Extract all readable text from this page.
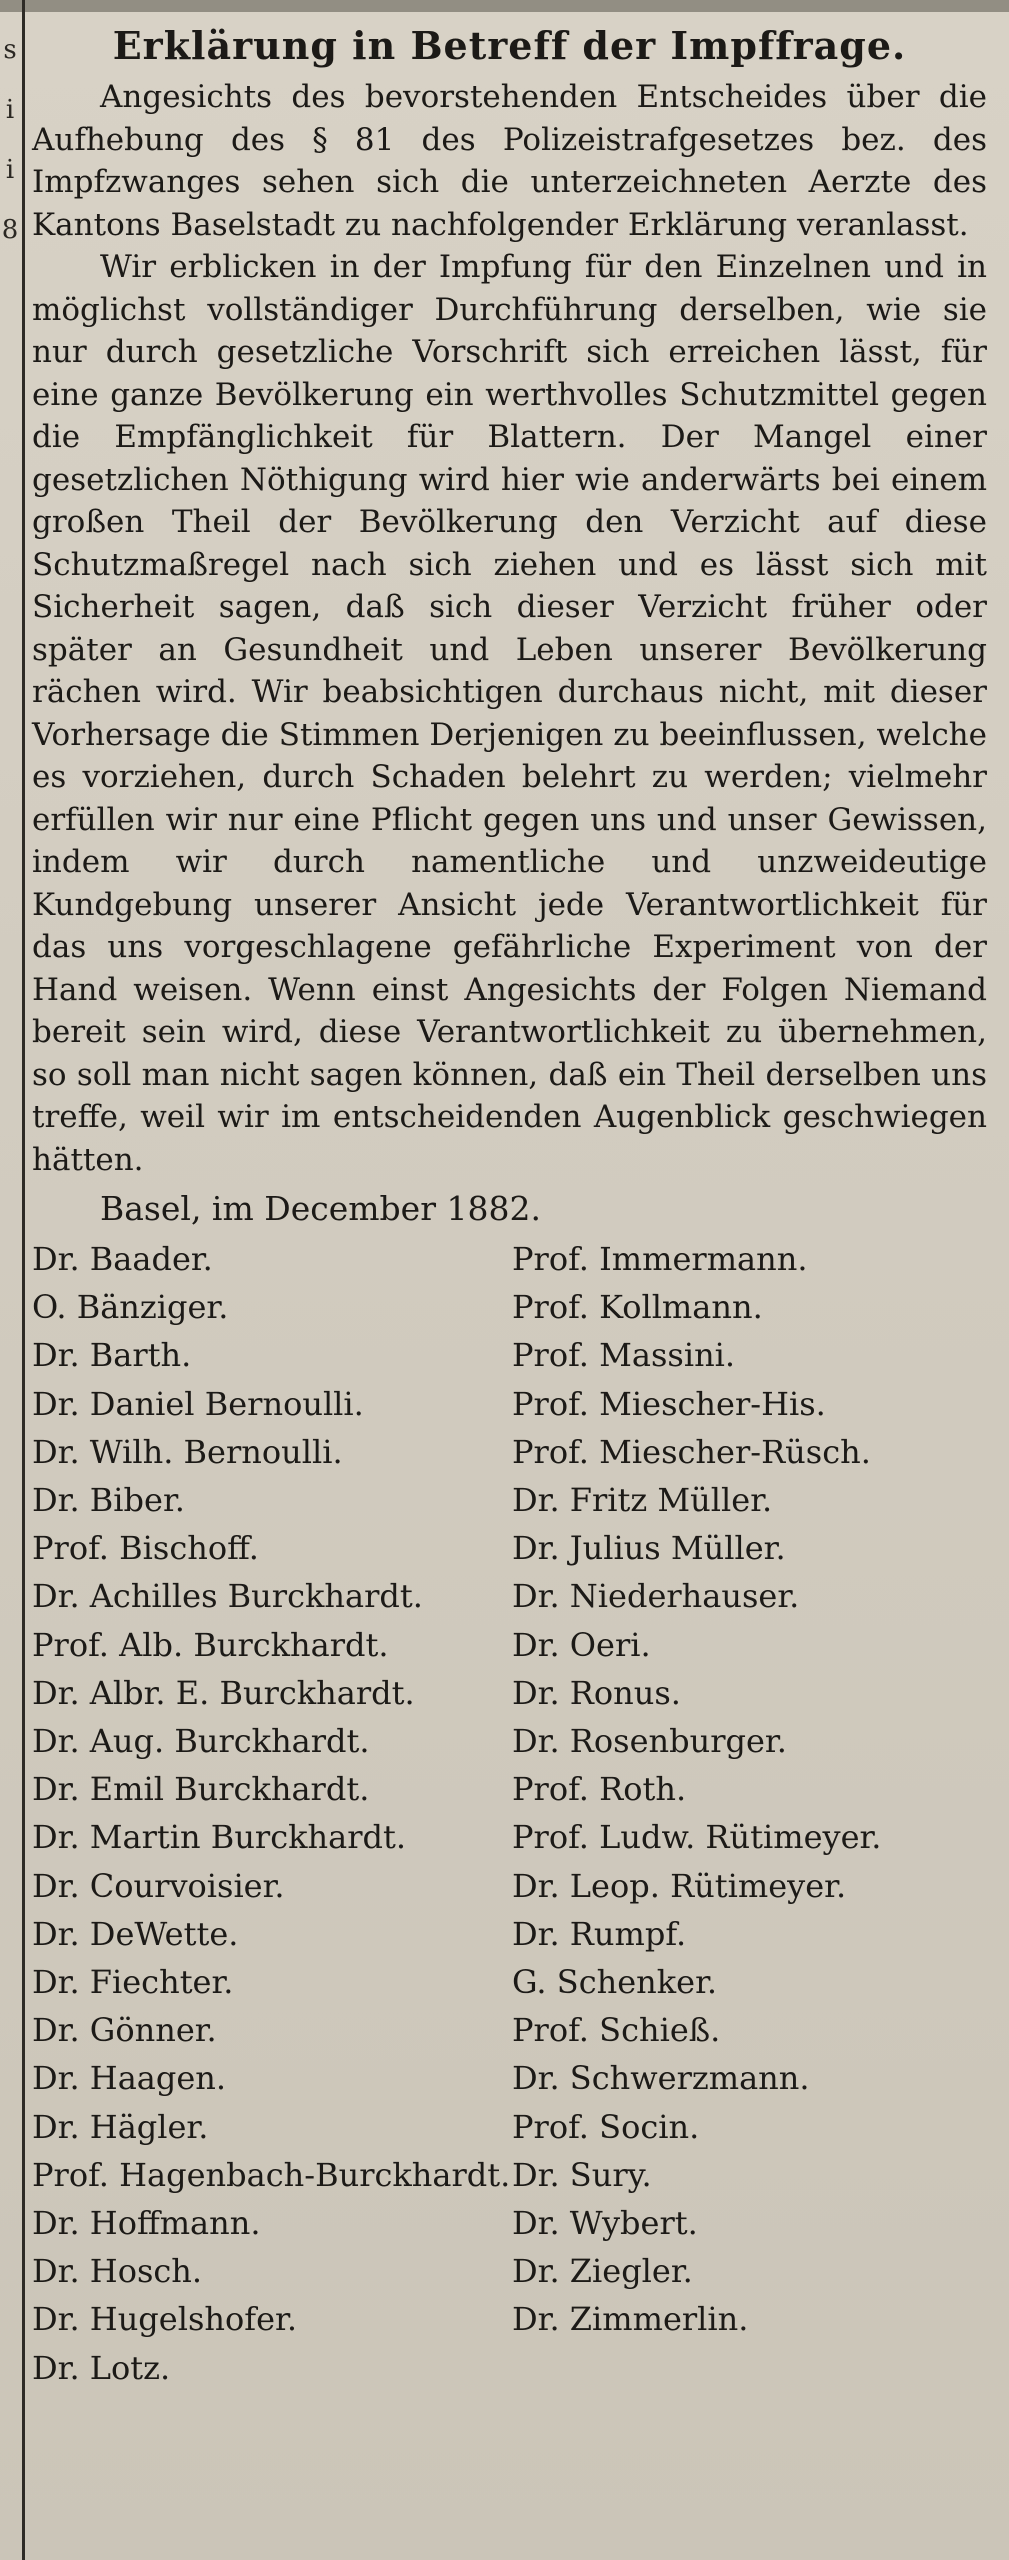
s
i
i
8
Erklärung in Betreff der Impffrage.

Angesichts des bevorstehenden Entscheides über die Aufhebung des § 81 des Polizeistrafgesetzes bez. des Impfzwanges sehen sich die unterzeichneten Aerzte des Kantons Baselstadt zu nachfolgender Erklärung veranlasst.

Wir erblicken in der Impfung für den Einzelnen und in möglichst vollständiger Durchführung derselben, wie sie nur durch gesetzliche Vorschrift sich erreichen lässt, für eine ganze Bevölkerung ein werthvolles Schutzmittel gegen die Empfänglichkeit für Blattern. Der Mangel einer gesetzlichen Nöthigung wird hier wie anderwärts bei einem großen Theil der Bevölkerung den Verzicht auf diese Schutzmaßregel nach sich ziehen und es lässt sich mit Sicherheit sagen, daß sich dieser Verzicht früher oder später an Gesundheit und Leben unserer Bevölkerung rächen wird. Wir beabsichtigen durchaus nicht, mit dieser Vorhersage die Stimmen Derjenigen zu beeinflussen, welche es vorziehen, durch Schaden belehrt zu werden; vielmehr erfüllen wir nur eine Pflicht gegen uns und unser Gewissen, indem wir durch namentliche und unzweideutige Kundgebung unserer Ansicht jede Verantwortlichkeit für das uns vorgeschlagene gefährliche Experiment von der Hand weisen. Wenn einst Angesichts der Folgen Niemand bereit sein wird, diese Verantwortlichkeit zu übernehmen, so soll man nicht sagen können, daß ein Theil derselben uns treffe, weil wir im entscheidenden Augenblick geschwiegen hätten.

Basel, im December 1882.
Dr. Baader.
O. Bänziger.
Dr. Barth.
Dr. Daniel Bernoulli.
Dr. Wilh. Bernoulli.
Dr. Biber.
Prof. Bischoff.
Dr. Achilles Burckhardt.
Prof. Alb. Burckhardt.
Dr. Albr. E. Burckhardt.
Dr. Aug. Burckhardt.
Dr. Emil Burckhardt.
Dr. Martin Burckhardt.
Dr. Courvoisier.
Dr. DeWette.
Dr. Fiechter.
Dr. Gönner.
Dr. Haagen.
Dr. Hägler.
Prof. Hagenbach-Burckhardt.
Dr. Hoffmann.
Dr. Hosch.
Dr. Hugelshofer.
Dr. Lotz.
Prof. Immermann.
Prof. Kollmann.
Prof. Massini.
Prof. Miescher-His.
Prof. Miescher-Rüsch.
Dr. Fritz Müller.
Dr. Julius Müller.
Dr. Niederhauser.
Dr. Oeri.
Dr. Ronus.
Dr. Rosenburger.
Prof. Roth.
Prof. Ludw. Rütimeyer.
Dr. Leop. Rütimeyer.
Dr. Rumpf.
G. Schenker.
Prof. Schieß.
Dr. Schwerzmann.
Prof. Socin.
Dr. Sury.
Dr. Wybert.
Dr. Ziegler.
Dr. Zimmerlin.
